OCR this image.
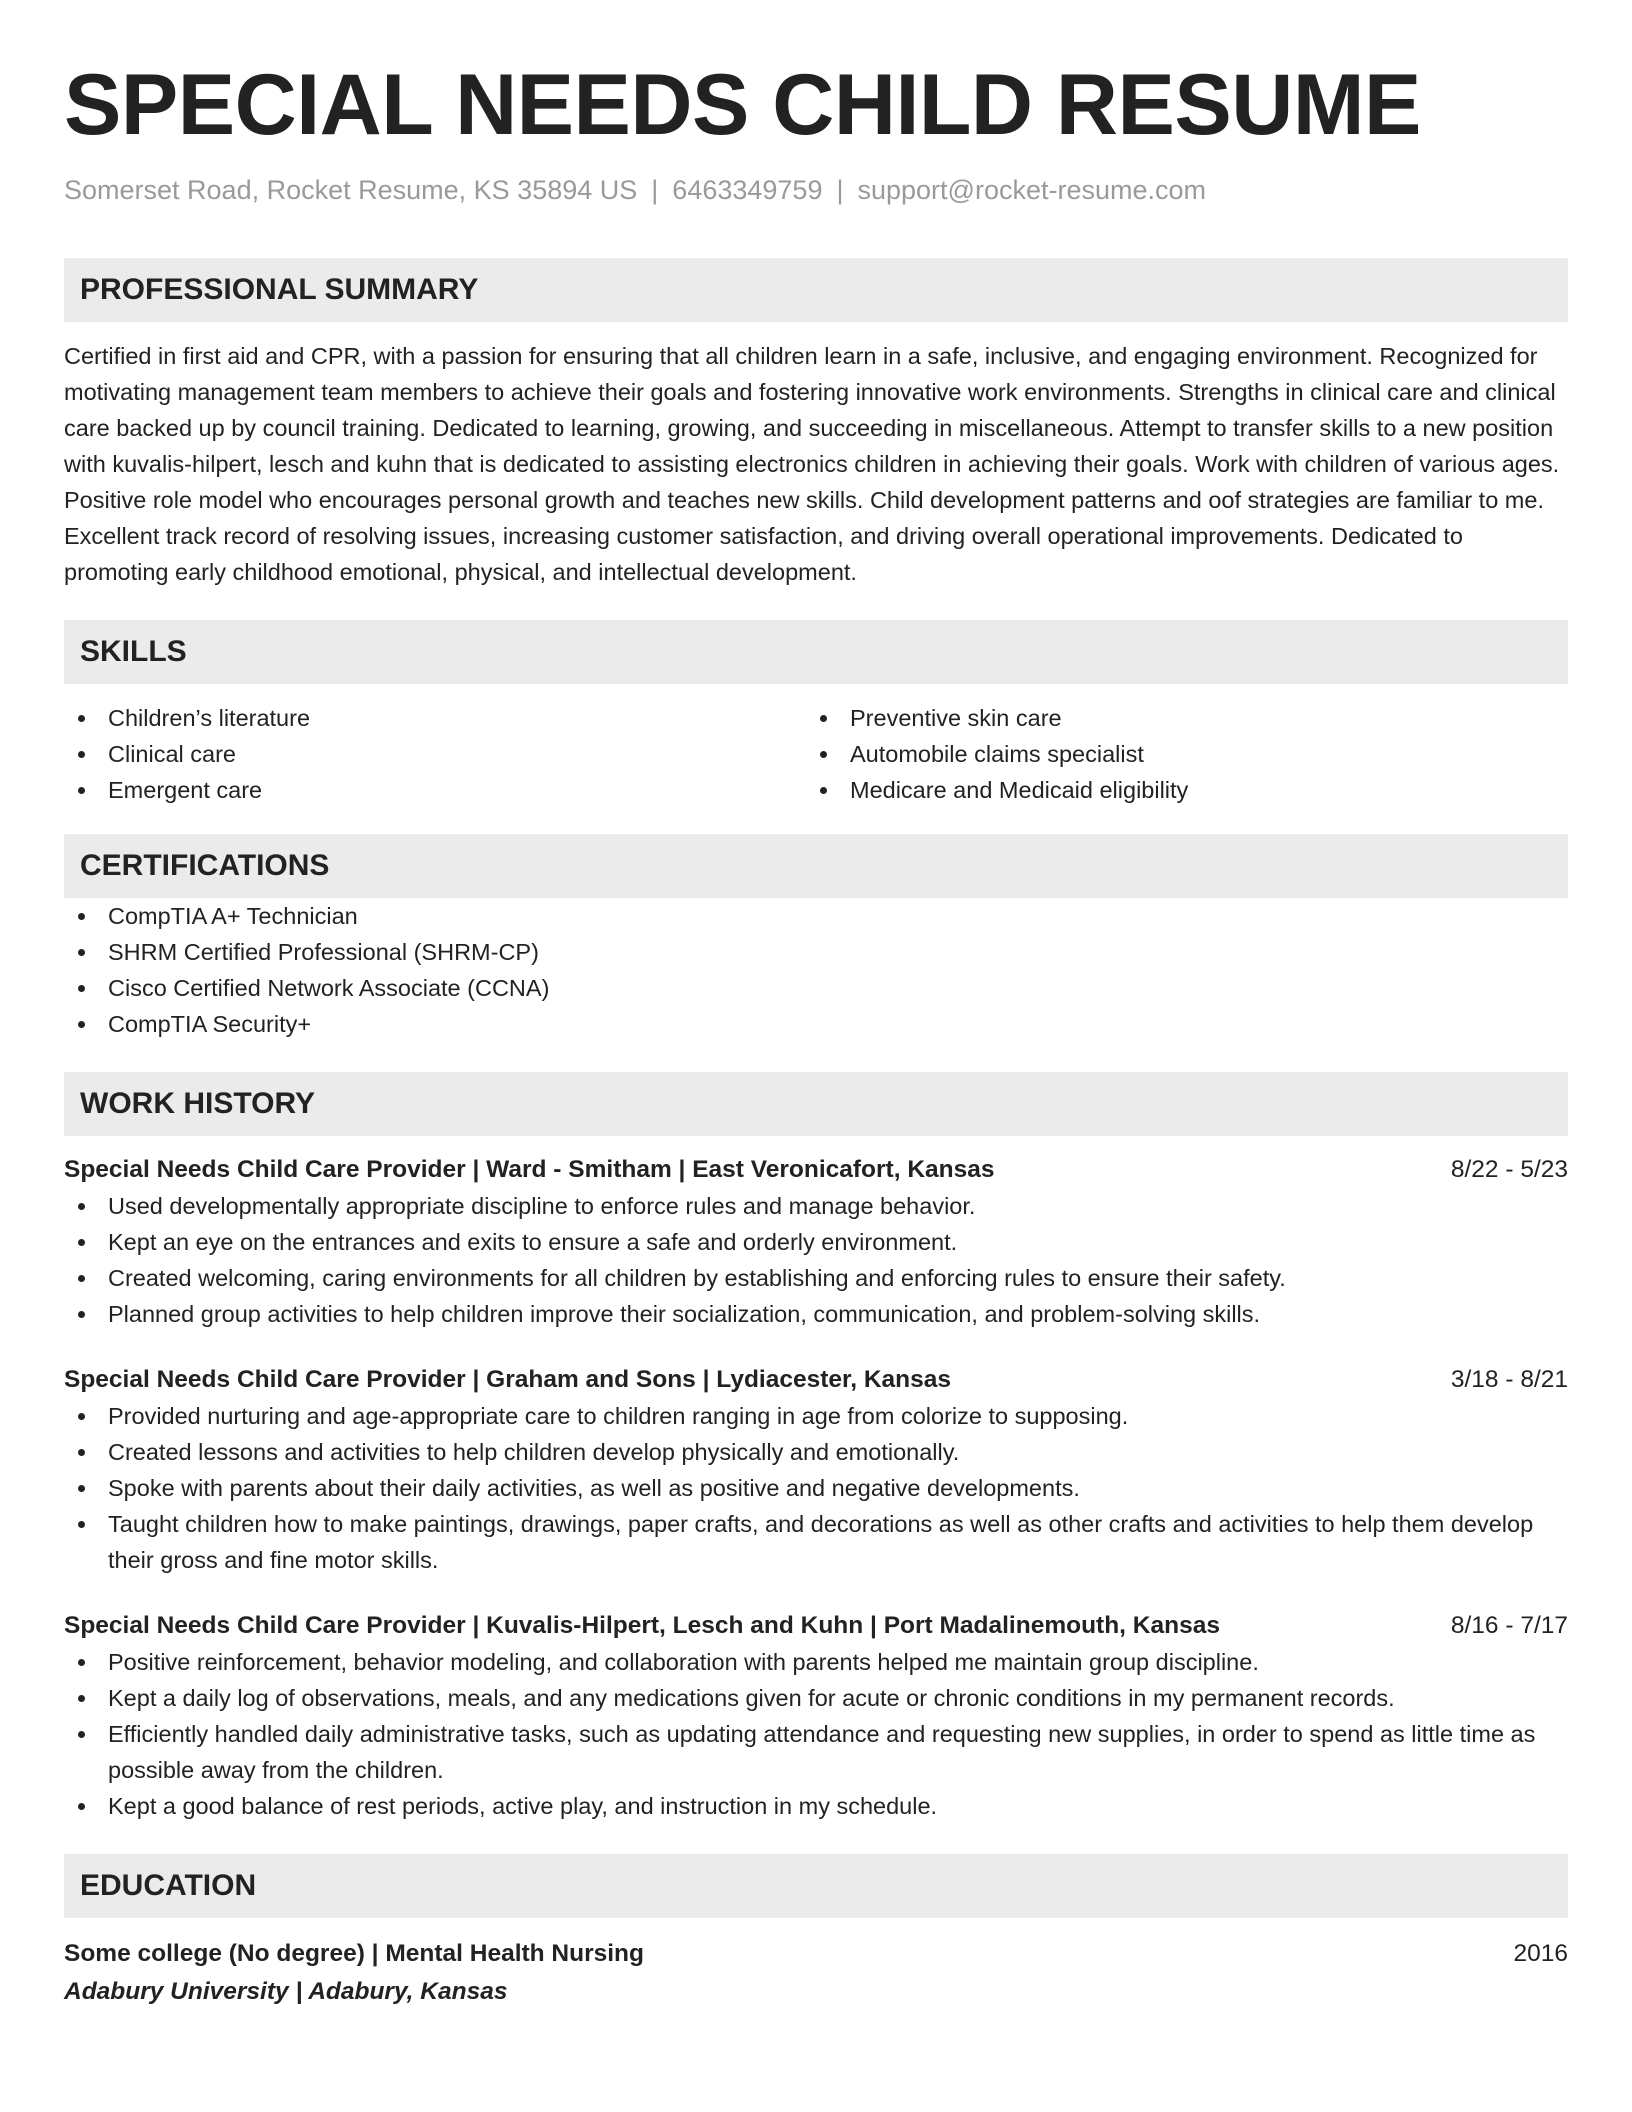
SPECIAL NEEDS CHILD RESUME
Somerset Road, Rocket Resume, KS 35894 US | 6463349759 | support@rocket-resume.com
PROFESSIONAL SUMMARY
Certified in first aid and CPR, with a passion for ensuring that all children learn in a safe, inclusive, and engaging environment. Recognized for motivating management team members to achieve their goals and fostering innovative work environments. Strengths in clinical care and clinical care backed up by council training. Dedicated to learning, growing, and succeeding in miscellaneous. Attempt to transfer skills to a new position with kuvalis-hilpert, lesch and kuhn that is dedicated to assisting electronics children in achieving their goals. Work with children of various ages. Positive role model who encourages personal growth and teaches new skills. Child development patterns and oof strategies are familiar to me. Excellent track record of resolving issues, increasing customer satisfaction, and driving overall operational improvements. Dedicated to promoting early childhood emotional, physical, and intellectual development.
SKILLS
Children’s literature
Clinical care
Emergent care
Preventive skin care
Automobile claims specialist
Medicare and Medicaid eligibility
CERTIFICATIONS
CompTIA A+ Technician
SHRM Certified Professional (SHRM-CP)
Cisco Certified Network Associate (CCNA)
CompTIA Security+
WORK HISTORY
Special Needs Child Care Provider | Ward - Smitham | East Veronicafort, Kansas	8/22 - 5/23
Used developmentally appropriate discipline to enforce rules and manage behavior.
Kept an eye on the entrances and exits to ensure a safe and orderly environment.
Created welcoming, caring environments for all children by establishing and enforcing rules to ensure their safety.
Planned group activities to help children improve their socialization, communication, and problem-solving skills.
Special Needs Child Care Provider | Graham and Sons | Lydiacester, Kansas	3/18 - 8/21
Provided nurturing and age-appropriate care to children ranging in age from colorize to supposing.
Created lessons and activities to help children develop physically and emotionally.
Spoke with parents about their daily activities, as well as positive and negative developments.
Taught children how to make paintings, drawings, paper crafts, and decorations as well as other crafts and activities to help them develop their gross and fine motor skills.
Special Needs Child Care Provider | Kuvalis-Hilpert, Lesch and Kuhn | Port Madalinemouth, Kansas	8/16 - 7/17
Positive reinforcement, behavior modeling, and collaboration with parents helped me maintain group discipline.
Kept a daily log of observations, meals, and any medications given for acute or chronic conditions in my permanent records.
Efficiently handled daily administrative tasks, such as updating attendance and requesting new supplies, in order to spend as little time as possible away from the children.
Kept a good balance of rest periods, active play, and instruction in my schedule.
EDUCATION
Some college (No degree) | Mental Health Nursing	2016
Adabury University | Adabury, Kansas
